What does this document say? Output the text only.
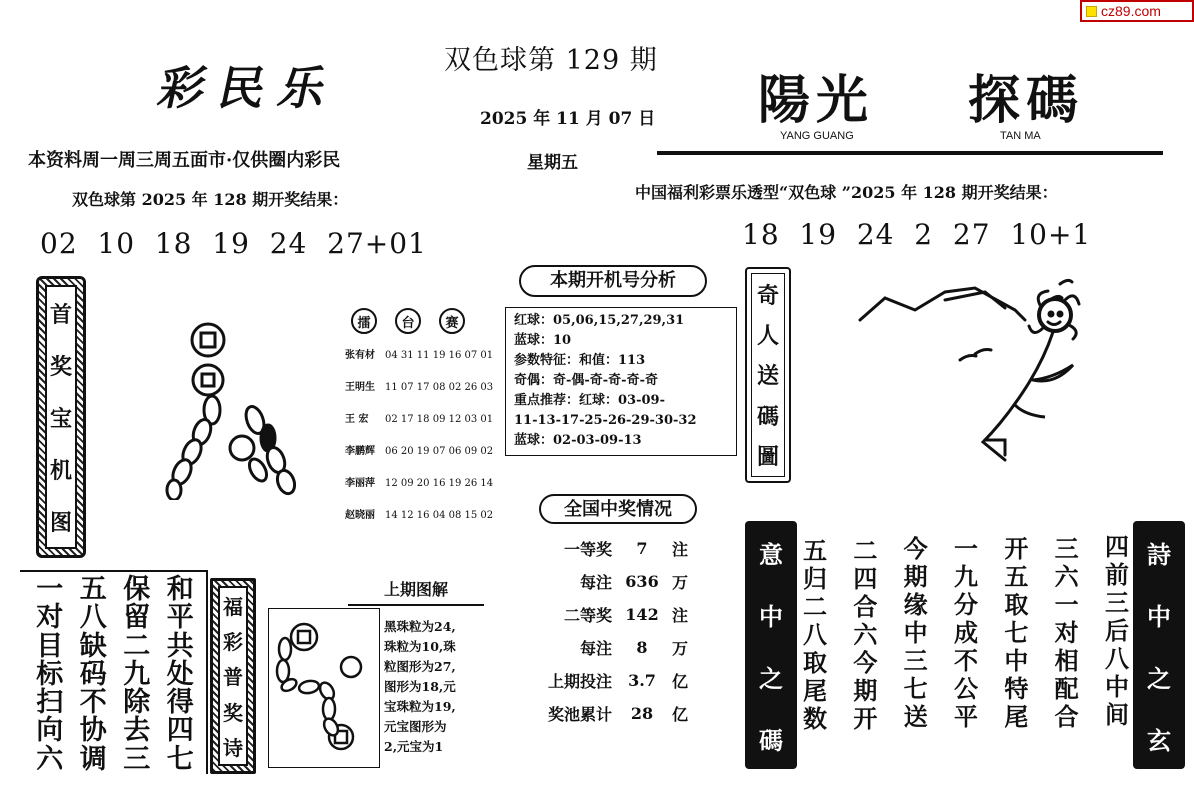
cz89.com
彩民乐
双色球第 129 期
2025 年 11 月 07 日
星期五
本资料周一周三周五面市·仅供圈内彩民
陽光 探碼
YANG GUANG	TAN MA
双色球第 2025 年 128 期开奖结果：
02  10  18  19  24  27+01
中国福利彩票乐透型“双色球 ”2025 年 128 期开奖结果：
18  19  24  2  27  10+1
首
奖
宝
机
图
擂	台	赛
张有材	04 31 11 19 16 07 01
王明生	11 07 17 08 02 26 03
王 宏	02 17 18 09 12 03 01
李鹏辉	06 20 19 07 06 09 02
李丽萍	12 09 20 16 19 26 14
赵晓丽	14 12 16 04 08 15 02
本期开机号分析
红球：05,06,15,27,29,31
蓝球：10
参数特征：和值：113
奇偶：奇-偶-奇-奇-奇-奇
重点推荐：红球：03-09-
11-13-17-25-26-29-30-32
蓝球：02-03-09-13
奇
人
送
碼
圖
一 五 保 和
对 八 留 平
目 缺 二 共
标 码 九 处
扫 不 除 得
向 协 去 四
六 调 三 七
福
彩
普
奖
诗
上期图解
黑珠粒为24,
珠粒为10,珠
粒图形为27,
图形为18,元
宝珠粒为19,
元宝图形为
2,元宝为1
全国中奖情况
一等奖	7	注
每注 636 万
二等奖 142 注
每注	8	万
上期投注	3.7	亿
奖池累计	28	亿
意
中
之
碼
詩
中
之
玄
五
归
二
八
取
尾
数
二
四
合
六
今
期
开
今
期
缘
中
三
七
送
一
九
分
成
不
公
平
开
五
取
七
中
特
尾
三
六
一
对
相
配
合
四
前
三
后
八
中
间
